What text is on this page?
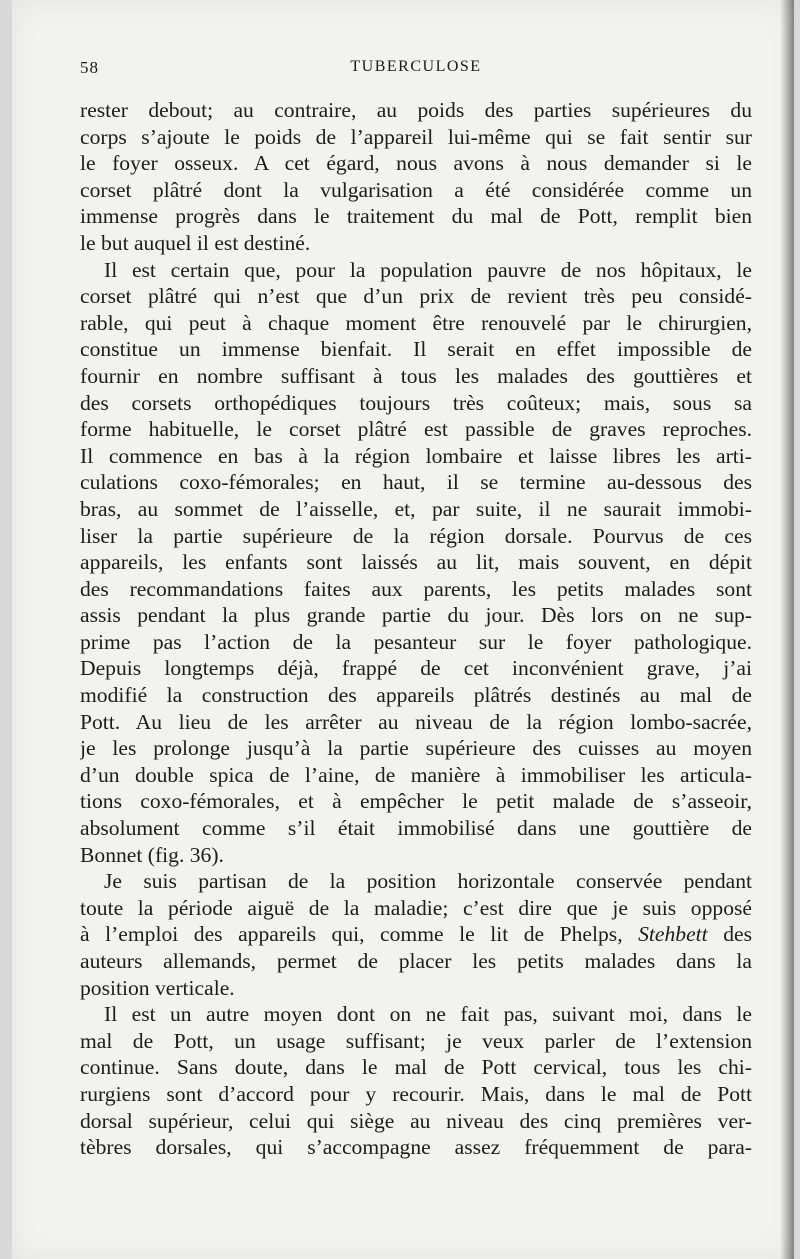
58	TUBERCULOSE
rester debout; au contraire, au poids des parties supérieures du
corps s’ajoute le poids de l’appareil lui-même qui se fait sentir sur
le foyer osseux. A cet égard, nous avons à nous demander si le
corset plâtré dont la vulgarisation a été considérée comme un
immense progrès dans le traitement du mal de Pott, remplit bien
le but auquel il est destiné.
Il est certain que, pour la population pauvre de nos hôpitaux, le
corset plâtré qui n’est que d’un prix de revient très peu considé-
rable, qui peut à chaque moment être renouvelé par le chirurgien,
constitue un immense bienfait. Il serait en effet impossible de
fournir en nombre suffisant à tous les malades des gouttières et
des corsets orthopédiques toujours très coûteux; mais, sous sa
forme habituelle, le corset plâtré est passible de graves reproches.
Il commence en bas à la région lombaire et laisse libres les arti-
culations coxo-fémorales; en haut, il se termine au-dessous des
bras, au sommet de l’aisselle, et, par suite, il ne saurait immobi-
liser la partie supérieure de la région dorsale. Pourvus de ces
appareils, les enfants sont laissés au lit, mais souvent, en dépit
des recommandations faites aux parents, les petits malades sont
assis pendant la plus grande partie du jour. Dès lors on ne sup-
prime pas l’action de la pesanteur sur le foyer pathologique.
Depuis longtemps déjà, frappé de cet inconvénient grave, j’ai
modifié la construction des appareils plâtrés destinés au mal de
Pott. Au lieu de les arrêter au niveau de la région lombo-sacrée,
je les prolonge jusqu’à la partie supérieure des cuisses au moyen
d’un double spica de l’aine, de manière à immobiliser les articula-
tions coxo-fémorales, et à empêcher le petit malade de s’asseoir,
absolument comme s’il était immobilisé dans une gouttière de
Bonnet (fig. 36).
Je suis partisan de la position horizontale conservée pendant
toute la période aiguë de la maladie; c’est dire que je suis opposé
à l’emploi des appareils qui, comme le lit de Phelps, Stehbett des
auteurs allemands, permet de placer les petits malades dans la
position verticale.
Il est un autre moyen dont on ne fait pas, suivant moi, dans le
mal de Pott, un usage suffisant; je veux parler de l’extension
continue. Sans doute, dans le mal de Pott cervical, tous les chi-
rurgiens sont d’accord pour y recourir. Mais, dans le mal de Pott
dorsal supérieur, celui qui siège au niveau des cinq premières ver-
tèbres dorsales, qui s’accompagne assez fréquemment de para-
